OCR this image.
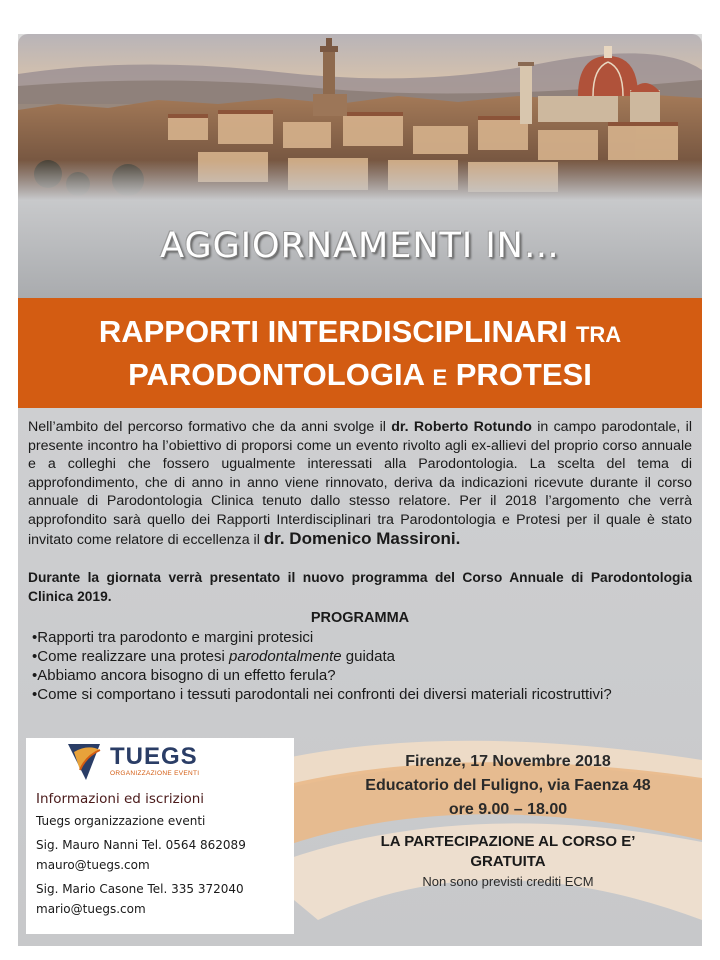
AGGIORNAMENTI IN…
RAPPORTI INTERDISCIPLINARI TRA
PARODONTOLOGIA E PROTESI
Nell’ambito del percorso formativo che da anni svolge il dr. Roberto Rotundo in campo parodontale, il presente incontro ha l’obiettivo di proporsi come un evento rivolto agli ex-allievi del proprio corso annuale e a colleghi che fossero ugualmente interessati alla Parodontologia. La scelta del tema di approfondimento, che di anno in anno viene rinnovato, deriva da indicazioni ricevute durante il corso annuale di Parodontologia Clinica tenuto dallo stesso relatore. Per il 2018 l’argomento che verrà approfondito sarà quello dei Rapporti Interdisciplinari tra Parodontologia e Protesi per il quale è stato invitato come relatore di eccellenza il dr. Domenico Massironi.
Durante la giornata verrà presentato il nuovo programma del Corso Annuale di Parodontologia Clinica 2019.
PROGRAMMA
•Rapporti tra parodonto e margini protesici
•Come realizzare una protesi parodontalmente guidata
•Abbiamo ancora bisogno di un effetto ferula?
•Come si comportano i tessuti parodontali nei confronti dei diversi materiali ricostruttivi?
TUEGS
ORGANIZZAZIONE EVENTI
Informazioni ed iscrizioni
Tuegs organizzazione eventi
Sig. Mauro Nanni Tel. 0564 862089
mauro@tuegs.com
Sig. Mario Casone Tel. 335 372040
mario@tuegs.com
Firenze, 17 Novembre 2018
Educatorio del Fuligno, via Faenza 48
ore 9.00 – 18.00
LA PARTECIPAZIONE AL CORSO E’
GRATUITA
Non sono previsti crediti ECM
